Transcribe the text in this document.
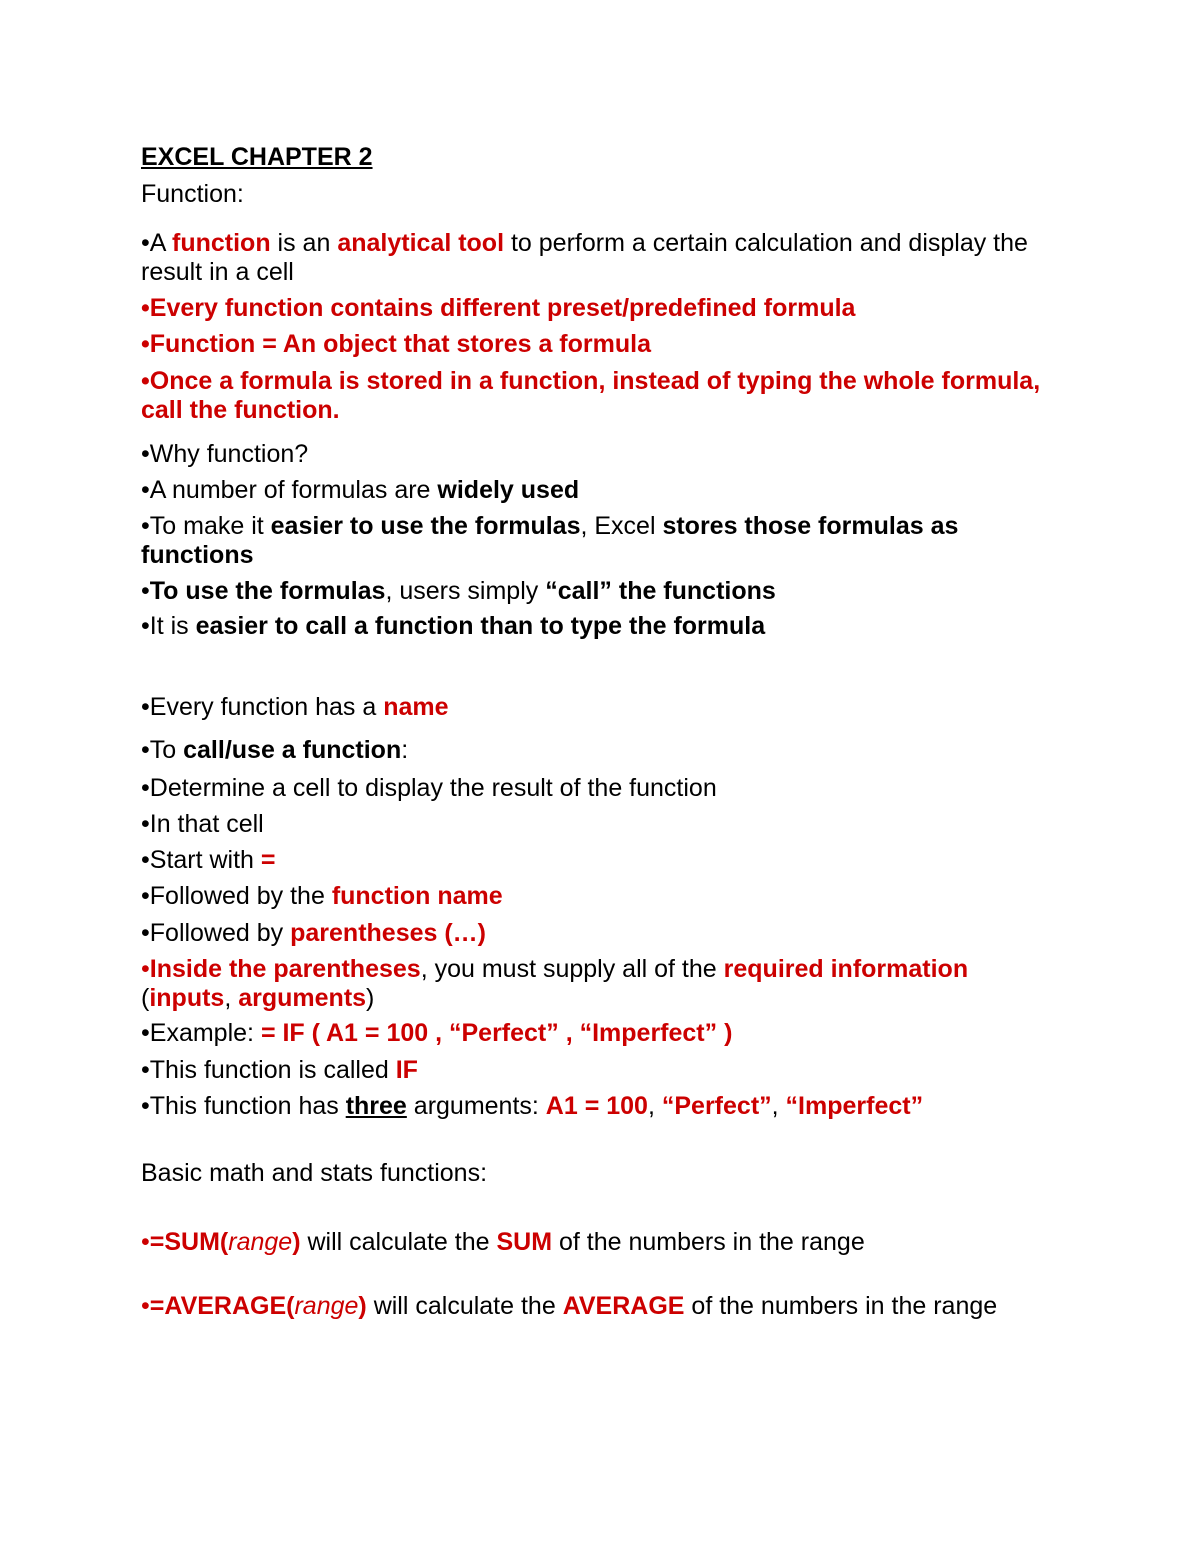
EXCEL CHAPTER 2

Function:

•A function is an analytical tool to perform a certain calculation and display the result in a cell

•Every function contains different preset/predefined formula

•Function = An object that stores a formula

•Once a formula is stored in a function, instead of typing the whole formula, call the function.

•Why function?

•A number of formulas are widely used

•To make it easier to use the formulas, Excel stores those formulas as functions

•To use the formulas, users simply “call” the functions

•It is easier to call a function than to type the formula

•Every function has a name

•To call/use a function:

•Determine a cell to display the result of the function

•In that cell

•Start with =

•Followed by the function name

•Followed by parentheses (…)

•Inside the parentheses, you must supply all of the required information (inputs, arguments)

•Example: = IF ( A1 = 100 , “Perfect” , “Imperfect” )

•This function is called IF

•This function has three arguments: A1 = 100, “Perfect”, “Imperfect”

Basic math and stats functions:

•=SUM(range) will calculate the SUM of the numbers in the range

•=AVERAGE(range) will calculate the AVERAGE of the numbers in the range
